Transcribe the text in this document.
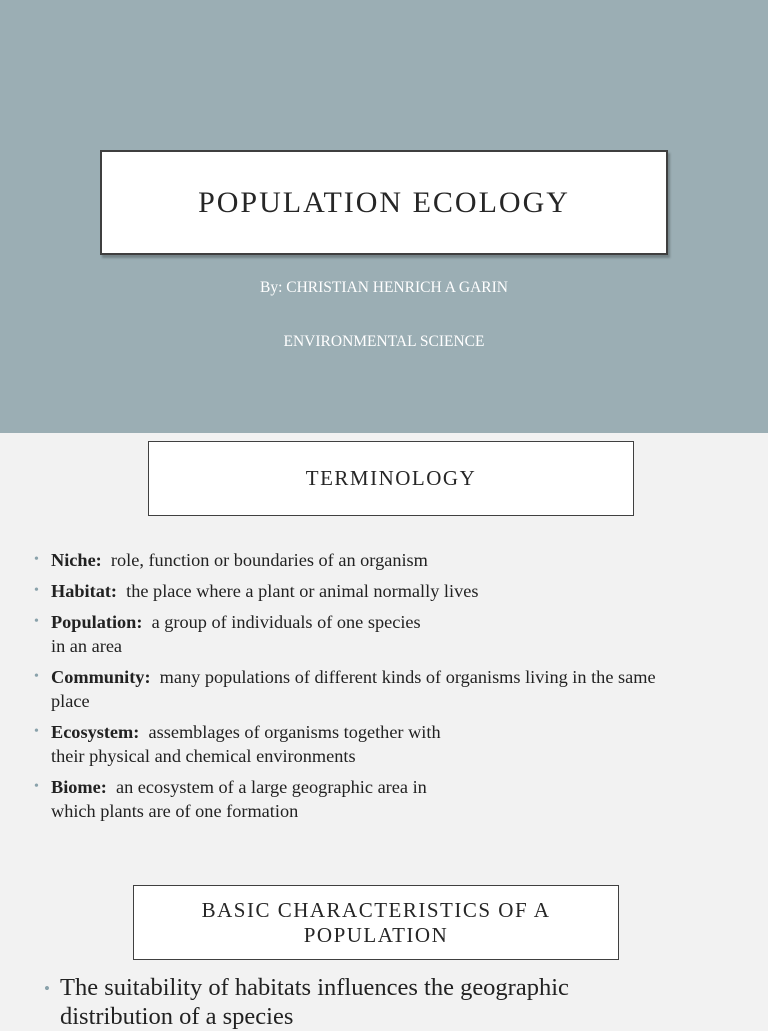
POPULATION ECOLOGY
By: CHRISTIAN HENRICH A GARIN
ENVIRONMENTAL SCIENCE
TERMINOLOGY
• Niche: role, function or boundaries of an organism
• Habitat: the place where a plant or animal normally lives
• Population: a group of individuals of one species
in an area
• Community: many populations of different kinds of organisms living in the same
place
• Ecosystem: assemblages of organisms together with
their physical and chemical environments
• Biome: an ecosystem of a large geographic area in
which plants are of one formation
BASIC CHARACTERISTICS OF A POPULATION
• The suitability of habitats influences the geographic
distribution of a species
